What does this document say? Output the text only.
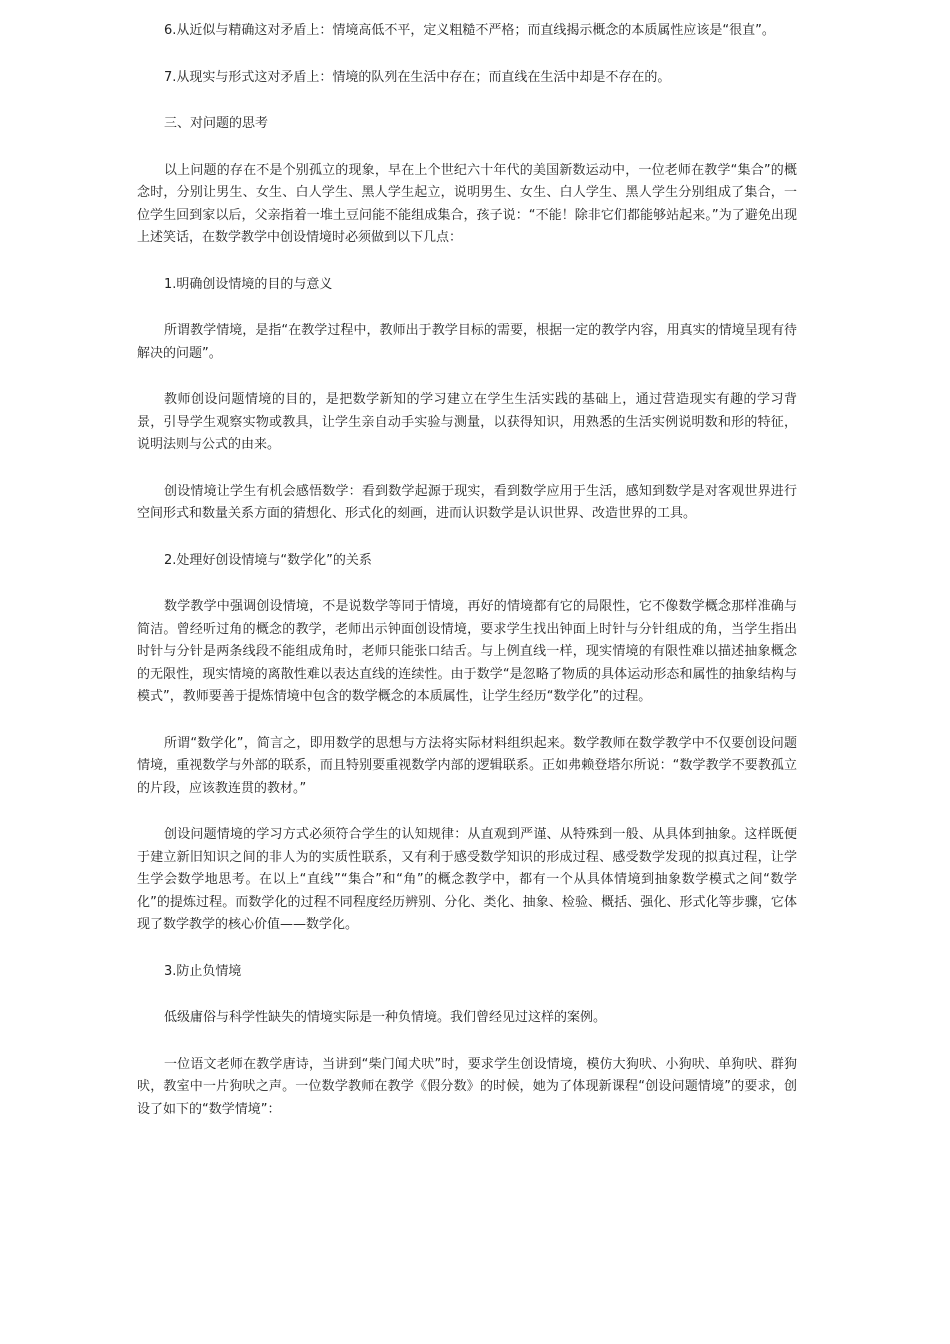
6.从近似与精确这对矛盾上：情境高低不平，定义粗糙不严格；而直线揭示概念的本质属性应该是“很直”。

7.从现实与形式这对矛盾上：情境的队列在生活中存在；而直线在生活中却是不存在的。

三、对问题的思考

以上问题的存在不是个别孤立的现象，早在上个世纪六十年代的美国新数运动中，一位老师在教学“集合”的概念时，分别让男生、女生、白人学生、黑人学生起立，说明男生、女生、白人学生、黑人学生分别组成了集合，一位学生回到家以后，父亲指着一堆土豆问能不能组成集合，孩子说：“不能！除非它们都能够站起来。”为了避免出现上述笑话，在数学教学中创设情境时必须做到以下几点：

1.明确创设情境的目的与意义

所谓教学情境，是指“在教学过程中，教师出于教学目标的需要，根据一定的教学内容，用真实的情境呈现有待解决的问题”。

教师创设问题情境的目的，是把数学新知的学习建立在学生生活实践的基础上，通过营造现实有趣的学习背景，引导学生观察实物或教具，让学生亲自动手实验与测量，以获得知识，用熟悉的生活实例说明数和形的特征，说明法则与公式的由来。

创设情境让学生有机会感悟数学：看到数学起源于现实，看到数学应用于生活，感知到数学是对客观世界进行空间形式和数量关系方面的猜想化、形式化的刻画，进而认识数学是认识世界、改造世界的工具。

2.处理好创设情境与“数学化”的关系

数学教学中强调创设情境，不是说数学等同于情境，再好的情境都有它的局限性，它不像数学概念那样准确与简洁。曾经听过角的概念的教学，老师出示钟面创设情境，要求学生找出钟面上时针与分针组成的角，当学生指出时针与分针是两条线段不能组成角时，老师只能张口结舌。与上例直线一样，现实情境的有限性难以描述抽象概念的无限性，现实情境的离散性难以表达直线的连续性。由于数学“是忽略了物质的具体运动形态和属性的抽象结构与模式”，教师要善于提炼情境中包含的数学概念的本质属性，让学生经历“数学化”的过程。

所谓“数学化”，简言之，即用数学的思想与方法将实际材料组织起来。数学教师在数学教学中不仅要创设问题情境，重视数学与外部的联系，而且特别要重视数学内部的逻辑联系。正如弗赖登塔尔所说：“数学教学不要教孤立的片段，应该教连贯的教材。”

创设问题情境的学习方式必须符合学生的认知规律：从直观到严谨、从特殊到一般、从具体到抽象。这样既便于建立新旧知识之间的非人为的实质性联系，又有利于感受数学知识的形成过程、感受数学发现的拟真过程，让学生学会数学地思考。在以上“直线”“集合”和“角”的概念教学中，都有一个从具体情境到抽象数学模式之间“数学化”的提炼过程。而数学化的过程不同程度经历辨别、分化、类化、抽象、检验、概括、强化、形式化等步骤，它体现了数学教学的核心价值——数学化。

3.防止负情境

低级庸俗与科学性缺失的情境实际是一种负情境。我们曾经见过这样的案例。

一位语文老师在教学唐诗，当讲到“柴门闻犬吠”时，要求学生创设情境，模仿大狗吠、小狗吠、单狗吠、群狗吠，教室中一片狗吠之声。一位数学教师在教学《假分数》的时候，她为了体现新课程“创设问题情境”的要求，创设了如下的“数学情境”：
